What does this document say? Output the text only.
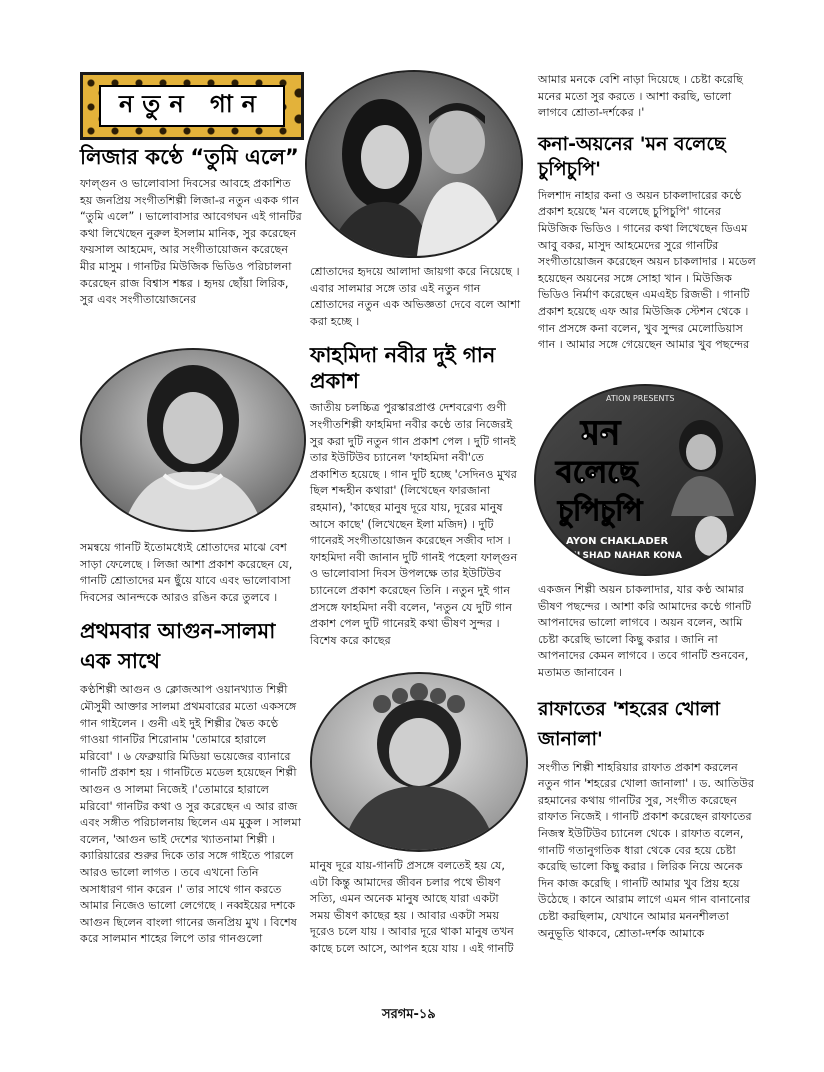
নতুন গান
লিজার কণ্ঠে “তুমি এলে”

ফাল্গুন ও ভালোবাসা দিবসের আবহে প্রকাশিত হয় জনপ্রিয় সংগীতশিল্পী লিজা-র নতুন একক গান “তুমি এলে” । ভালোবাসার আবেগঘন এই গানটির কথা লিখেছেন নুরুল ইসলাম মানিক, সুর করেছেন ফয়সাল আহমেদ, আর সংগীতায়োজন করেছেন মীর মাসুম । গানটির মিউজিক ভিডিও পরিচালনা করেছেন রাজ বিশ্বাস শঙ্কর । হৃদয় ছোঁয়া লিরিক, সুর এবং সংগীতায়োজনের

সমন্বয়ে গানটি ইতোমধ্যেই শ্রোতাদের মাঝে বেশ সাড়া ফেলেছে । লিজা আশা প্রকাশ করেছেন যে, গানটি শ্রোতাদের মন ছুঁয়ে যাবে এবং ভালোবাসা দিবসের আনন্দকে আরও রঙিন করে তুলবে ।

প্রথমবার আগুন-সালমা এক সাথে

কণ্ঠশিল্পী আগুন ও ক্লোজআপ ওয়ানখ্যাত শিল্পী মৌসুমী আক্তার সালমা প্রথমবারের মতো একসঙ্গে গান গাইলেন । গুনী এই দুই শিল্পীর দ্বৈত কণ্ঠে গাওয়া গানটির শিরোনাম 'তোমারে হারালে মরিবো' । ৬ ফেব্রুয়ারি মিডিয়া ভয়েজের ব্যানারে গানটি প্রকাশ হয় । গানটিতে মডেল হয়েছেন শিল্পী আগুন ও সালমা নিজেই ।'তোমারে হারালে মরিবো' গানটির কথা ও সুর করেছেন এ আর রাজ এবং সঙ্গীত পরিচালনায় ছিলেন এম মুকুল । সালমা বলেন, 'আগুন ভাই দেশের খ্যাতনামা শিল্পী । ক্যারিয়ারের শুরুর দিকে তার সঙ্গে গাইতে পারলে আরও ভালো লাগত । তবে এখনো তিনি অসাধারণ গান করেন ।' তার সাথে গান করতে আমার নিজেও ভালো লেগেছে । নব্বইয়ের দশকে আগুন ছিলেন বাংলা গানের জনপ্রিয় মুখ । বিশেষ করে সালমান শাহের লিপে তার গানগুলো

শ্রোতাদের হৃদয়ে আলাদা জায়গা করে নিয়েছে । এবার সালমার সঙ্গে তার এই নতুন গান শ্রোতাদের নতুন এক অভিজ্ঞতা দেবে বলে আশা করা হচ্ছে ।

ফাহমিদা নবীর দুই গান প্রকাশ

জাতীয় চলচ্চিত্র পুরস্কারপ্রাপ্ত দেশবরেণ্য গুণী সংগীতশিল্পী ফাহমিদা নবীর কণ্ঠে তার নিজেরই সুর করা দুটি নতুন গান প্রকাশ পেল । দুটি গানই তার ইউটিউব চ্যানেল 'ফাহমিদা নবী'তে প্রকাশিত হয়েছে । গান দুটি হচ্ছে 'সেদিনও মুখর ছিল শব্দহীন কথারা' (লিখেছেন ফারজানা রহমান), 'কাছের মানুষ দূরে যায়, দূরের মানুষ আসে কাছে' (লিখেছেন ইলা মজিদ) । দুটি গানেরই সংগীতায়োজন করেছেন সজীব দাস । ফাহমিদা নবী জানান দুটি গানই পহেলা ফাল্গুন ও ভালোবাসা দিবস উপলক্ষে তার ইউটিউব চ্যানেলে প্রকাশ করেছেন তিনি । নতুন দুই গান প্রসঙ্গে ফাহমিদা নবী বলেন, 'নতুন যে দুটি গান প্রকাশ পেল দুটি গানেরই কথা ভীষণ সুন্দর । বিশেষ করে কাছের

মানুষ দূরে যায়-গানটি প্রসঙ্গে বলতেই হয় যে, এটা কিন্তু আমাদের জীবন চলার পথে ভীষণ সত্যি, এমন অনেক মানুষ আছে যারা একটা সময় ভীষণ কাছের হয় । আবার একটা সময় দূরেও চলে যায় । আবার দূরে থাকা মানুষ তখন কাছে চলে আসে, আপন হয়ে যায় । এই গানটি

আমার মনকে বেশি নাড়া দিয়েছে । চেষ্টা করেছি মনের মতো সুর করতে । আশা করছি, ভালো লাগবে শ্রোতা-দর্শকের ।'

কনা-অয়নের 'মন বলেছে চুপিচুপি'

দিলশাদ নাহার কনা ও অয়ন চাকলাদারের কণ্ঠে প্রকাশ হয়েছে 'মন বলেছে চুপিচুপি' গানের মিউজিক ভিডিও । গানের কথা লিখেছেন ডিএম আবু বকর, মাসুদ আহমেদের সুরে গানটির সংগীতায়োজন করেছেন অয়ন চাকলাদার । মডেল হয়েছেন অয়নের সঙ্গে সোহা খান । মিউজিক ভিডিও নির্মাণ করেছেন এমএইচ রিজভী । গানটি প্রকাশ হয়েছে এফ আর মিউজিক স্টেশন থেকে । গান প্রসঙ্গে কনা বলেন, খুব সুন্দর মেলোডিয়াস গান । আমার সঙ্গে গেয়েছেন আমার খুব পছন্দের

ATION PRESENTS
মন
বলেছে
চুপিচুপি
AYON CHAKLADER
DILSHAD NAHAR KONA

একজন শিল্পী অয়ন চাকলাদার, যার কণ্ঠ আমার ভীষণ পছন্দের । আশা করি আমাদের কণ্ঠে গানটি আপনাদের ভালো লাগবে । অয়ন বলেন, আমি চেষ্টা করেছি ভালো কিছু করার । জানি না আপনাদের কেমন লাগবে । তবে গানটি শুনবেন, মতামত জানাবেন ।

রাফাতের 'শহরের খোলা জানালা'

সংগীত শিল্পী শাহরিয়ার রাফাত প্রকাশ করলেন নতুন গান 'শহরের খোলা জানালা' । ড. আতিউর রহমানের কথায় গানটির সুর, সংগীত করেছেন রাফাত নিজেই । গানটি প্রকাশ করেছেন রাফাতের নিজস্ব ইউটিউব চ্যানেল থেকে । রাফাত বলেন, গানটি গতানুগতিক ধারা থেকে বের হয়ে চেষ্টা করেছি ভালো কিছু করার । লিরিক নিয়ে অনেক দিন কাজ করেছি । গানটি আমার খুব প্রিয় হয়ে উঠেছে । কানে আরাম লাগে এমন গান বানানোর চেষ্টা করছিলাম, যেখানে আমার মননশীলতা অনুভূতি থাকবে, শ্রোতা-দর্শক আমাকে

সরগম-১৯
